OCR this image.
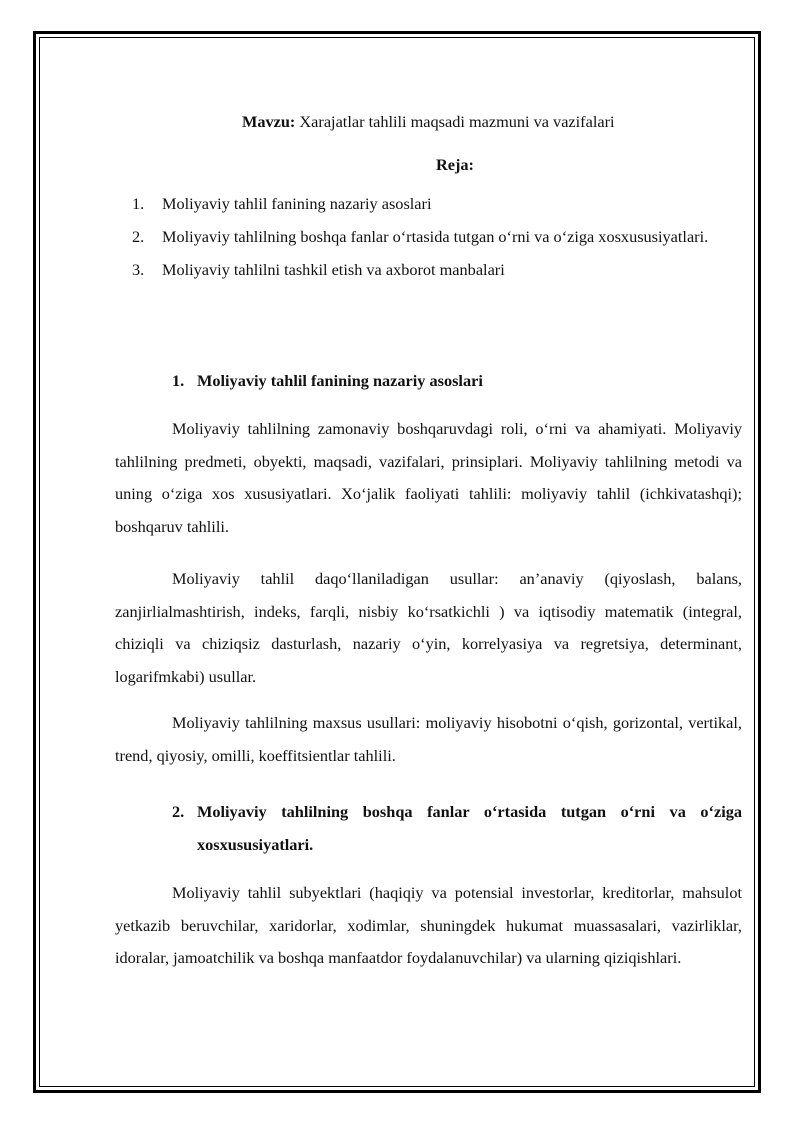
Mavzu: Xarajatlar tahlili maqsadi mazmuni va vazifalari
Reja:
1. Moliyaviy tahlil fanining nazariy asoslari
2. Moliyaviy tahlilning boshqa fanlar o‘rtasida tutgan o‘rni va o‘ziga xosxususiyatlari.
3. Moliyaviy tahlilni tashkil etish va axborot manbalari
1. Moliyaviy tahlil fanining nazariy asoslari

Moliyaviy tahlilning zamonaviy boshqaruvdagi roli, o‘rni va ahamiyati. Moliyaviy tahlilning predmeti, obyekti, maqsadi, vazifalari, prinsiplari. Moliyaviy tahlilning metodi va uning o‘ziga xos xususiyatlari. Xo‘jalik faoliyati tahlili: moliyaviy tahlil (ichkivatashqi); boshqaruv tahlili.

Moliyaviy tahlil daqo‘llaniladigan usullar: an’anaviy (qiyoslash, balans, zanjirlialmashtirish, indeks, farqli, nisbiy ko‘rsatkichli ) va iqtisodiy matematik (integral, chiziqli va chiziqsiz dasturlash, nazariy o‘yin, korrelyasiya va regretsiya, determinant, logarifmkabi) usullar.

Moliyaviy tahlilning maxsus usullari: moliyaviy hisobotni o‘qish, gorizontal, vertikal, trend, qiyosiy, omilli, koeffitsientlar tahlili.

2. Moliyaviy tahlilning boshqa fanlar o‘rtasida tutgan o‘rni va o‘ziga xosxususiyatlari.

Moliyaviy tahlil subyektlari (haqiqiy va potensial investorlar, kreditorlar, mahsulot yetkazib beruvchilar, xaridorlar, xodimlar, shuningdek hukumat muassasalari, vazirliklar, idoralar, jamoatchilik va boshqa manfaatdor foydalanuvchilar) va ularning qiziqishlari.
